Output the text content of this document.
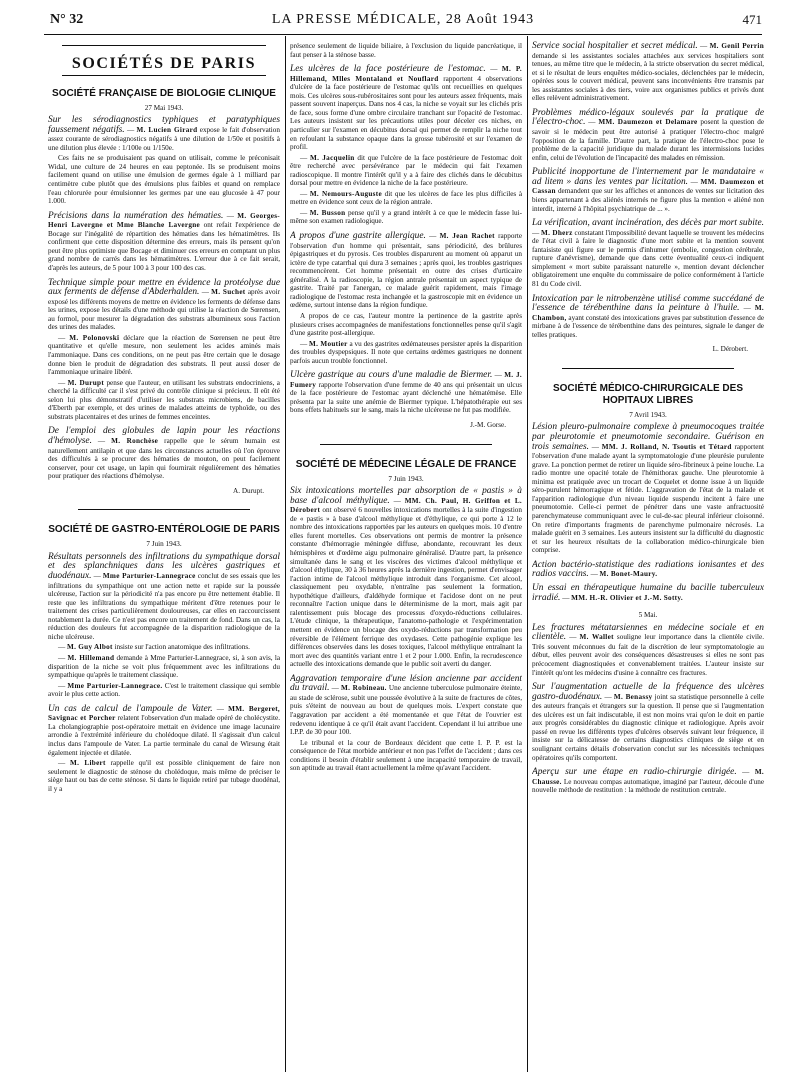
N° 32	LA PRESSE MÉDICALE, 28 Août 1943	471
SOCIÉTÉS DE PARIS
SOCIÉTÉ FRANÇAISE DE BIOLOGIE CLINIQUE
27 Mai 1943.
Sur les sérodiagnostics typhiques et paratyphiques faussement négatifs. — M. Lucien Girard expose le fait d'observation assez courante de sérodiagnostics négatifs à une dilution de 1/50e et positifs à une dilution plus élevée : 1/100e ou 1/150e.
Ces faits ne se produisaient pas quand on utilisait, comme le préconisait Widal, une culture de 24 heures en eau peptonée. Ils se produisent moins facilement quand on utilise une émulsion de germes égale à 1 milliard par centimètre cube plutôt que des émulsions plus faibles et quand on remplace l'eau chlorurée pour émulsionner les germes par une eau glucosée à 47 pour 1.000.
Précisions dans la numération des hématies. — M. Georges-Henri Lavergne et Mme Blanche Lavergne ont refait l'expérience de Bocage sur l'inégalité de répartition des hématies dans les hématimètres. Ils confirment que cette disposition détermine des erreurs, mais ils pensent qu'on peut être plus optimiste que Bocage et diminuer ces erreurs en comptant un plus grand nombre de carrés dans les hématimètres. L'erreur due à ce fait serait, d'après les auteurs, de 5 pour 100 à 3 pour 100 des cas.
Technique simple pour mettre en évidence la protéolyse due aux ferments de défense d'Abderhalden. — M. Suchet après avoir exposé les différents moyens de mettre en évidence les ferments de défense dans les urines, expose les détails d'une méthode qui utilise la réaction de Sœrensen, au formol, pour mesurer la dégradation des substrats albumineux sous l'action des urines des malades.
— M. Polonovski déclare que la réaction de Sœrensen ne peut être quantitative et qu'elle mesure, non seulement les acides aminés mais l'ammoniaque. Dans ces conditions, on ne peut pas être certain que le dosage donne bien le produit de dégradation des substrats. Il peut aussi doser de l'ammoniaque urinaire libéré.
— M. Durupt pense que l'auteur, en utilisant les substrats endocriniens, a cherché la difficulté car il s'est privé du contrôle clinique si précieux. Il eût été selon lui plus démonstratif d'utiliser les substrats microbiens, de bacilles d'Eberth par exemple, et des urines de malades atteints de typhoïde, ou des substrats placentaires et des urines de femmes enceintes.
De l'emploi des globules de lapin pour les réactions d'hémolyse. — M. Ronchèse rappelle que le sérum humain est naturellement antilapin et que dans les circonstances actuelles où l'on éprouve des difficultés à se procurer des hématies de mouton, on peut facilement conserver, pour cet usage, un lapin qui fournirait régulièrement des hématies pour pratiquer des réactions d'hémolyse.
A. Durupt.
SOCIÉTÉ DE GASTRO-ENTÉROLOGIE DE PARIS
7 Juin 1943.
Résultats personnels des infiltrations du sympathique dorsal et des splanchniques dans les ulcères gastriques et duodénaux. — Mme Parturier-Lannegrace conclut de ses essais que les infiltrations du sympathique ont une action nette et rapide sur la poussée ulcéreuse, l'action sur la périodicité n'a pas encore pu être nettement établie. Il reste que les infiltrations du sympathique méritent d'être retenues pour le traitement des crises particulièrement douloureuses, car elles en raccourcissent notablement la durée. Ce n'est pas encore un traitement de fond. Dans un cas, la réduction des douleurs fut accompagnée de la disparition radiologique de la niche ulcéreuse.
— M. Guy Albot insiste sur l'action anatomique des infiltrations.
— M. Hillemand demande à Mme Parturier-Lannegrace, si, à son avis, la disparition de la niche se voit plus fréquemment avec les infiltrations du sympathique qu'après le traitement classique.
— Mme Parturier-Lannegrace. C'est le traitement classique qui semble avoir le plus cette action.
Un cas de calcul de l'ampoule de Vater. — MM. Bergeret, Savignac et Porcher relatent l'observation d'un malade opéré de cholécystite. La cholangiographie post-opératoire mettait en évidence une image lacunaire arrondie à l'extrémité inférieure du cholédoque dilaté. Il s'agissait d'un calcul inclus dans l'ampoule de Vater. La partie terminale du canal de Wirsung était également injectée et dilatée.
— M. Libert rappelle qu'il est possible cliniquement de faire non seulement le diagnostic de sténose du cholédoque, mais même de préciser le siège haut ou bas de cette sténose. Si dans le liquide retiré par tubage duodénal, il y a
présence seulement de liquide biliaire, à l'exclusion du liquide pancréatique, il faut penser à la sténose basse.
Les ulcères de la face postérieure de l'estomac. — M. P. Hillemand, Mlles Montaland et Nouflard rapportent 4 observations d'ulcère de la face postérieure de l'estomac qu'ils ont recueillies en quelques mois. Ces ulcères sous-rubérositaires sont pour les auteurs assez fréquents, mais passent souvent inaperçus. Dans nos 4 cas, la niche se voyait sur les clichés pris de face, sous forme d'une ombre circulaire tranchant sur l'opacité de l'estomac. Les auteurs insistent sur les précautions utiles pour déceler ces niches, en particulier sur l'examen en décubitus dorsal qui permet de remplir la niche tout en refoulant la substance opaque dans la grosse tubérosité et sur l'examen de profil.
— M. Jacquelin dit que l'ulcère de la face postérieure de l'estomac doit être recherché avec persévérance par le médecin qui fait l'examen radioscopique. Il montre l'intérêt qu'il y a à faire des clichés dans le décubitus dorsal pour mettre en évidence la niche de la face postérieure.
— M. Nemours-Auguste dit que les ulcères de face les plus difficiles à mettre en évidence sont ceux de la région antrale.
— M. Busson pense qu'il y a grand intérêt à ce que le médecin fasse lui-même son examen radiologique.
A propos d'une gastrite allergique. — M. Jean Rachet rapporte l'observation d'un homme qui présentait, sans périodicité, des brûlures épigastriques et du pyrosis. Ces troubles disparurent au moment où apparut un ictère de type catarrhal qui dura 3 semaines ; après quoi, les troubles gastriques recommencèrent. Cet homme présentait en outre des crises d'urticaire généralisé. A la radioscopie, la région antrale présentait un aspect typique de gastrite. Traité par l'anergan, ce malade guérit rapidement, mais l'image radiologique de l'estomac resta inchangée et la gastroscopie mit en évidence un œdème, surtout intense dans la région fundique.
A propos de ce cas, l'auteur montre la pertinence de la gastrite après plusieurs crises accompagnées de manifestations fonctionnelles pense qu'il s'agit d'une gastrite post-allergique.
— M. Moutier a vu des gastrites œdémateuses persister après la disparition des troubles dyspepsiques. Il note que certains œdèmes gastriques ne donnent parfois aucun trouble fonctionnel.
Ulcère gastrique au cours d'une maladie de Biermer. — M. J. Fumery rapporte l'observation d'une femme de 40 ans qui présentait un ulcus de la face postérieure de l'estomac ayant déclenché une hématémèse. Elle présenta par la suite une anémie de Biermer typique. L'hépatothérapie eut ses bons effets habituels sur le sang, mais la niche ulcéreuse ne fut pas modifiée.
J.-M. Gorse.
SOCIÉTÉ DE MÉDECINE LÉGALE DE FRANCE
7 Juin 1943.
Six intoxications mortelles par absorption de « pastis » à base d'alcool méthylique. — MM. Ch. Paul, H. Griffon et L. Dérobert ont observé 6 nouvelles intoxications mortelles à la suite d'ingestion de « pastis » à base d'alcool méthylique et d'éthylique, ce qui porte à 12 le nombre des intoxications rapportées par les auteurs en quelques mois. 10 d'entre elles furent mortelles. Ces observations ont permis de montrer la présence constante d'hémorragie méningée diffuse, abondante, recouvrant les deux hémisphères et d'œdème aigu pulmonaire généralisé. D'autre part, la présence simultanée dans le sang et les viscères des victimes d'alcool méthylique et d'alcool éthylique, 30 à 36 heures après la dernière ingestion, permet d'envisager l'action intime de l'alcool méthylique introduit dans l'organisme. Cet alcool, classiquement peu oxydable, n'entraîne pas seulement la formation, hypothétique d'ailleurs, d'aldéhyde formique et l'acidose dont on ne peut reconnaître l'action unique dans le déterminisme de la mort, mais agit par ralentissement puis blocage des processus d'oxydo-réductions cellulaires. L'étude clinique, la thérapeutique, l'anatomo-pathologie et l'expérimentation mettent en évidence un blocage des oxydo-réductions par transformation peu réversible de l'élément ferrique des oxydases. Cette pathogénie explique les différences observées dans les doses toxiques, l'alcool méthylique entraînant la mort avec des quantités variant entre 1 et 2 pour 1.000. Enfin, la recrudescence actuelle des intoxications demande que le public soit averti du danger.
Aggravation temporaire d'une lésion ancienne par accident du travail. — M. Robineau. Une ancienne tuberculose pulmonaire éteinte, au stade de sclérose, subit une poussée évolutive à la suite de fractures de côtes, puis s'éteint de nouveau au bout de quelques mois. L'expert constate que l'aggravation par accident a été momentanée et que l'état de l'ouvrier est redevenu identique à ce qu'il était avant l'accident. Cependant il lui attribue une I.P.P. de 30 pour 100.
Le tribunal et la cour de Bordeaux décident que cette I. P. P. est la conséquence de l'état morbide antérieur et non pas l'effet de l'accident ; dans ces conditions il besoin d'établir seulement à une incapacité temporaire de travail, son aptitude au travail étant actuellement la même qu'avant l'accident.
Service social hospitalier et secret médical. — M. Genil Perrin demande si les assistantes sociales attachées aux services hospitaliers sont tenues, au même titre que le médecin, à la stricte observation du secret médical, et si le résultat de leurs enquêtes médico-sociales, déclenchées par le médecin, opérées sous le couvert médical, peuvent sans inconvénients être transmis par les assistantes sociales à des tiers, voire aux organismes publics et privés dont elles relèvent administrativement.
Problèmes médico-légaux soulevés par la pratique de l'électro-choc. — MM. Daumezon et Delamare posent la question de savoir si le médecin peut être autorisé à pratiquer l'électro-choc malgré l'opposition de la famille. D'autre part, la pratique de l'électro-choc pose le problème de la capacité juridique du malade durant les intermissions lucides enfin, celui de l'évolution de l'incapacité des malades en rémission.
Publicité inopportune de l'internement par le mandataire « ad litem » dans les ventes par licitation. — MM. Daumezon et Cassan demandent que sur les affiches et annonces de ventes sur licitation des biens appartenant à des aliénés internés ne figure plus la mention « aliéné non interdit, interné à l'hôpital psychiatrique de ... ».
La vérification, avant incinération, des décès par mort subite. — M. Dherz constatant l'impossibilité devant laquelle se trouvent les médecins de l'état civil à faire le diagnostic d'une mort subite et la mention souvent fantaisiste qui figure sur le permis d'inhumer (embolie, congestion cérébrale, rupture d'anévrisme), demande que dans cette éventualité ceux-ci indiquent simplement « mort subite paraissant naturelle », mention devant déclencher obligatoirement une enquête du commissaire de police conformément à l'article 81 du Code civil.
Intoxication par le nitrobenzène utilisé comme succédané de l'essence de térébenthine dans la peinture à l'huile. — M. Chambon, ayant constaté des intoxications graves par substitution d'essence de mirbane à de l'essence de térébenthine dans des peintures, signale le danger de telles pratiques.
L. Dérobert.
SOCIÉTÉ MÉDICO-CHIRURGICALE DES HOPITAUX LIBRES
7 Avril 1943.
Lésion pleuro-pulmonaire complexe à pneumocoques traitée par pleurotomie et pneumotomie secondaire. Guérison en trois semaines. — MM. J. Rolland, N. Tsoutis et Tétard rapportent l'observation d'une malade ayant la symptomatologie d'une pleurésie purulente grave. La ponction permet de retirer un liquide séro-fibrineux à peine louche. La radio montre une opacité totale de l'hémithorax gauche. Une pleurotomie à minima est pratiquée avec un trocart de Coquelet et donne issue à un liquide séro-purulent hémorragique et fétide. L'aggravation de l'état de la malade et l'apparition radiologique d'un niveau liquide suspendu incitent à faire une pneumotomie. Celle-ci permet de pénétrer dans une vaste anfractuosité parenchymateuse communiquant avec le cul-de-sac pleural inférieur cloisonné. On retire d'importants fragments de parenchyme pulmonaire nécrosés. La malade guérit en 3 semaines. Les auteurs insistent sur la difficulté du diagnostic et sur les heureux résultats de la collaboration médico-chirurgicale bien comprise.
Action bactério-statistique des radiations ionisantes et des radios vaccins. — M. Bonet-Maury.
Un essai en thérapeutique humaine du bacille tuberculeux irradié. — MM. H.-R. Olivier et J.-M. Sotty.
5 Mai.
Les fractures métatarsiennes en médecine sociale et en clientèle. — M. Wallet souligne leur importance dans la clientèle civile. Très souvent méconnues du fait de la discrétion de leur symptomatologie au début, elles peuvent avoir des conséquences désastreuses si elles ne sont pas précocement diagnostiquées et convenablement traitées. L'auteur insiste sur l'intérêt qu'ont les médecins d'usine à connaître ces fractures.
Sur l'augmentation actuelle de la fréquence des ulcères gastro-duodénaux. — M. Benassy joint sa statistique personnelle à celle des auteurs français et étrangers sur la question. Il pense que si l'augmentation des ulcères est un fait indiscutable, il est non moins vrai qu'on le doit en partie aux progrès considérables du diagnostic clinique et radiologique. Après avoir passé en revue les différents types d'ulcères observés suivant leur fréquence, il insiste sur la délicatesse de certains diagnostics cliniques de siège et en soulignant certains détails d'observation conclut sur les nécessités techniques opératoires qu'ils comportent.
Aperçu sur une étape en radio-chirurgie dirigée. — M. Chausse. Le nouveau compas automatique, imaginé par l'auteur, découle d'une nouvelle méthode de restitution : la méthode de restitution centrale.
